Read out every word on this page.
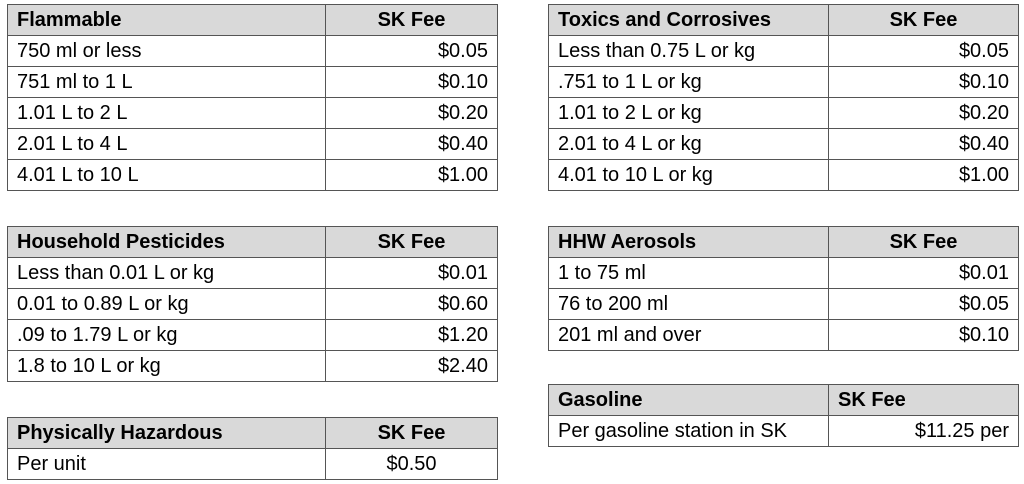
Flammable	SK Fee
750 ml or less	$0.05
751 ml to 1 L	$0.10
1.01 L to 2 L	$0.20
2.01 L to 4 L	$0.40
4.01 L to 10 L	$1.00
Toxics and Corrosives	SK Fee
Less than 0.75 L or kg	$0.05
.751 to 1 L or kg	$0.10
1.01 to 2 L or kg	$0.20
2.01 to 4 L or kg	$0.40
4.01 to 10 L or kg	$1.00
Household Pesticides	SK Fee
Less than 0.01 L or kg	$0.01
0.01 to 0.89 L or kg	$0.60
.09 to 1.79 L or kg	$1.20
1.8 to 10 L or kg	$2.40
HHW Aerosols	SK Fee
1 to 75 ml	$0.01
76 to 200 ml	$0.05
201 ml and over	$0.10
Gasoline	SK Fee
Per gasoline station in SK	$11.25 per
Physically Hazardous	SK Fee
Per unit	$0.50
